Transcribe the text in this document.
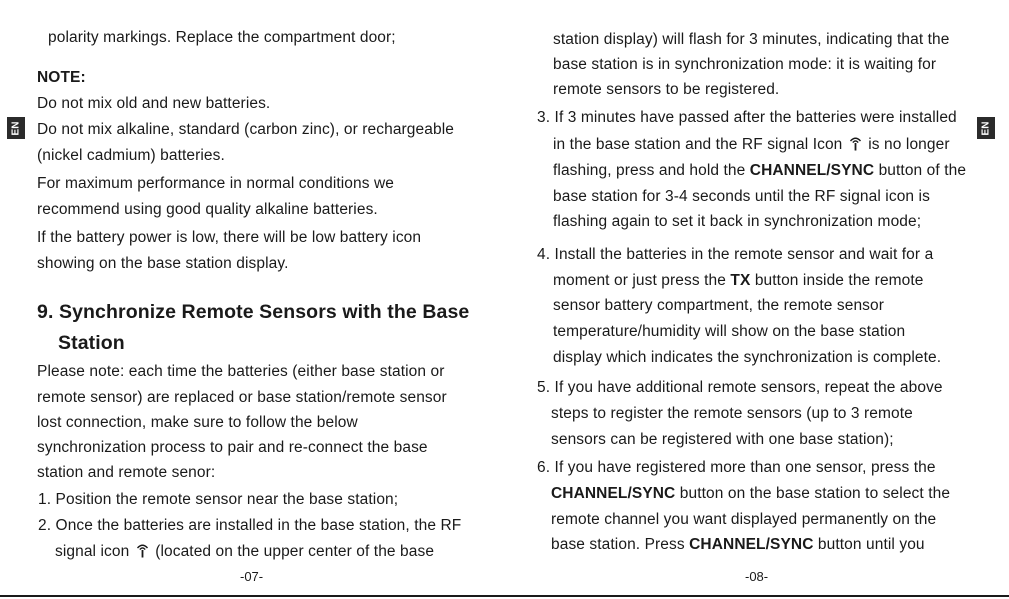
polarity markings. Replace the compartment door;
NOTE:
Do not mix old and new batteries.
EN Do not mix alkaline, standard (carbon zinc), or rechargeable
(nickel cadmium) batteries.
For maximum performance in normal conditions we
recommend using good quality alkaline batteries.
If the battery power is low, there will be low battery icon
showing on the base station display.
9. Synchronize Remote Sensors with the Base
Station
Please note: each time the batteries (either base station or
remote sensor) are replaced or base station/remote sensor
lost connection, make sure to follow the below
synchronization process to pair and re-connect the base
station and remote senor:
1. Position the remote sensor near the base station;
2. Once the batteries are installed in the base station, the RF
signal icon (located on the upper center of the base
-07-
station display) will flash for 3 minutes, indicating that the
base station is in synchronization mode: it is waiting for
remote sensors to be registered.
3. If 3 minutes have passed after the batteries were installed
EN
in the base station and the RF signal Icon is no longer
flashing, press and hold the CHANNEL/SYNC button of the
base station for 3-4 seconds until the RF signal icon is
flashing again to set it back in synchronization mode;
4. Install the batteries in the remote sensor and wait for a
moment or just press the TX button inside the remote
sensor battery compartment, the remote sensor
temperature/humidity will show on the base station
display which indicates the synchronization is complete.
5. If you have additional remote sensors, repeat the above
steps to register the remote sensors (up to 3 remote
sensors can be registered with one base station);
6. If you have registered more than one sensor, press the
CHANNEL/SYNC button on the base station to select the
remote channel you want displayed permanently on the
base station. Press CHANNEL/SYNC button until you
-08-
